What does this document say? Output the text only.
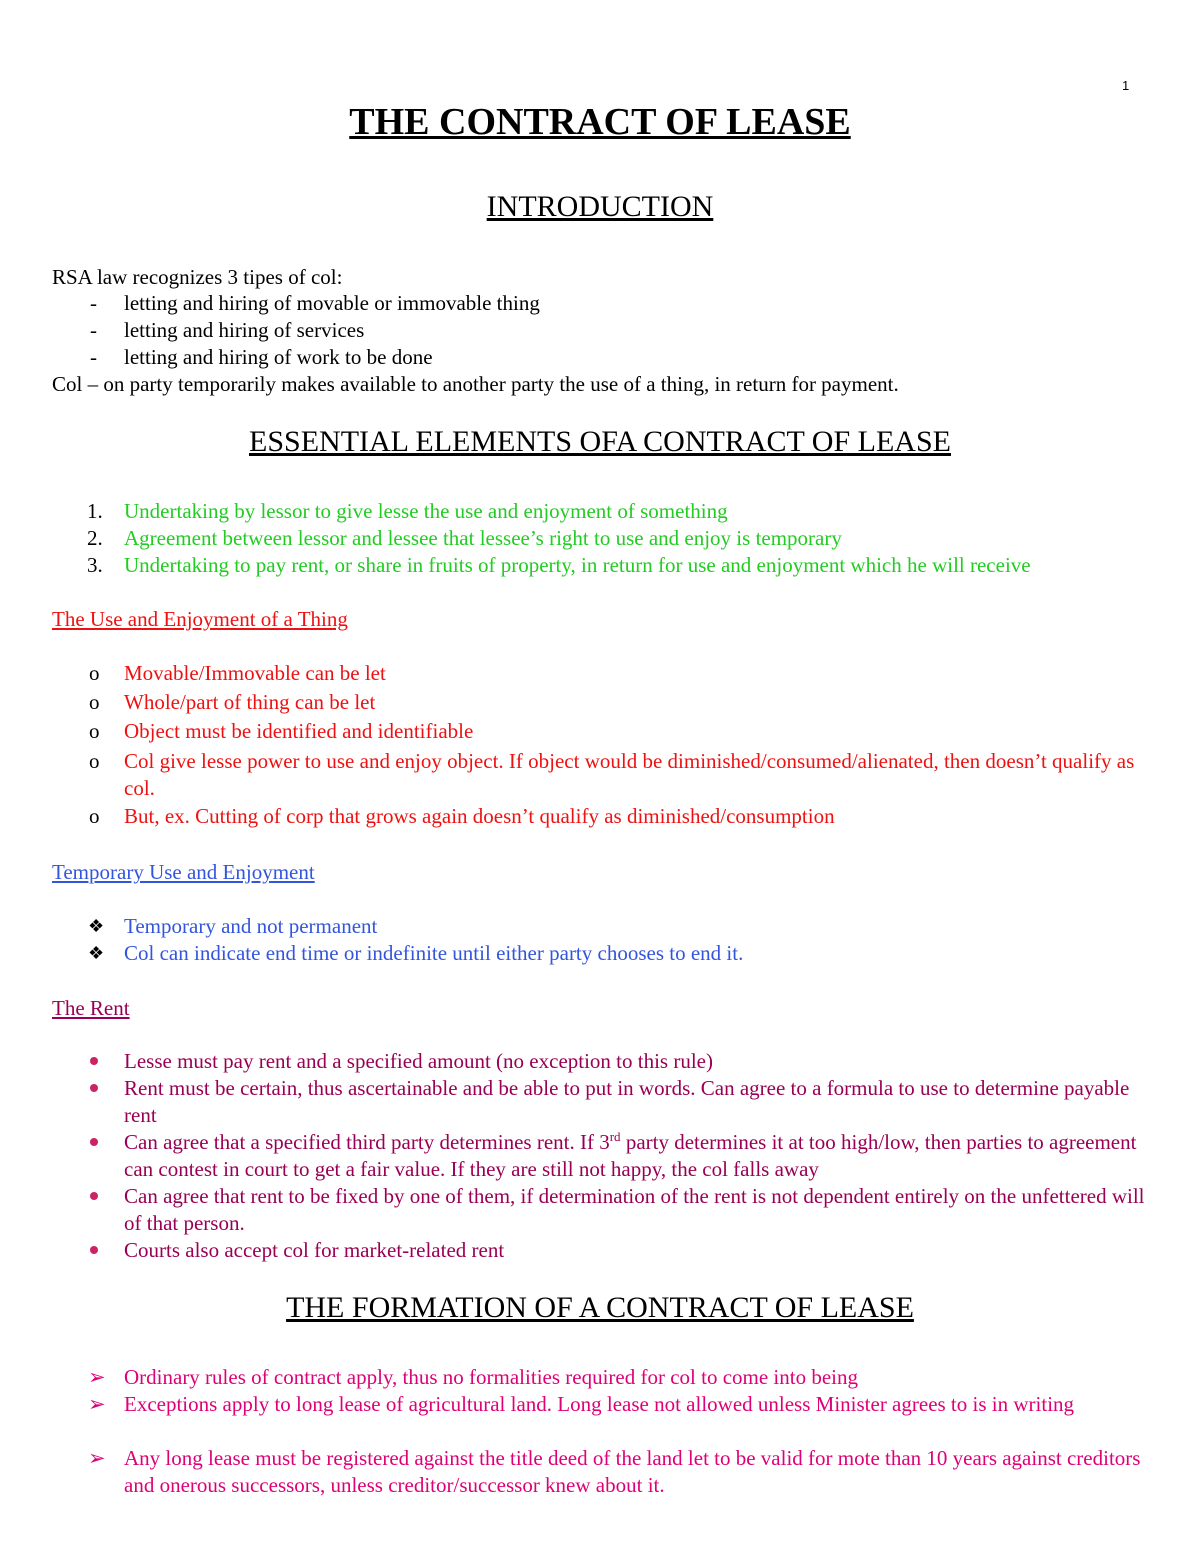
1
THE CONTRACT OF LEASE
INTRODUCTION

RSA law recognizes 3 tipes of col:

- letting and hiring of movable or immovable thing

- letting and hiring of services

- letting and hiring of work to be done

Col – on party temporarily makes available to another party the use of a thing, in return for payment.

ESSENTIAL ELEMENTS OFA CONTRACT OF LEASE
1. Undertaking by lessor to give lesse the use and enjoyment of something

2. Agreement between lessor and lessee that lessee’s right to use and enjoy is temporary

3. Undertaking to pay rent, or share in fruits of property, in return for use and enjoyment which he will receive

The Use and Enjoyment of a Thing

o Movable/Immovable can be let

o Whole/part of thing can be let

o Object must be identified and identifiable

o Col give lesse power to use and enjoy object. If object would be diminished/consumed/alienated, then doesn’t qualify as col.

o But, ex. Cutting of corp that grows again doesn’t qualify as diminished/consumption

Temporary Use and Enjoyment

❖ Temporary and not permanent

❖ Col can indicate end time or indefinite until either party chooses to end it.

The Rent

Lesse must pay rent and a specified amount (no exception to this rule)

Rent must be certain, thus ascertainable and be able to put in words. Can agree to a formula to use to determine payable rent

Can agree that a specified third party determines rent. If 3rd party determines it at too high/low, then parties to agreement can contest in court to get a fair value. If they are still not happy, the col falls away

Can agree that rent to be fixed by one of them, if determination of the rent is not dependent entirely on the unfettered will of that person.

Courts also accept col for market-related rent

THE FORMATION OF A CONTRACT OF LEASE
➢ Ordinary rules of contract apply, thus no formalities required for col to come into being

➢ Exceptions apply to long lease of agricultural land. Long lease not allowed unless Minister agrees to is in writing

➢ Any long lease must be registered against the title deed of the land let to be valid for mote than 10 years against creditors and onerous successors, unless creditor/successor knew about it.
